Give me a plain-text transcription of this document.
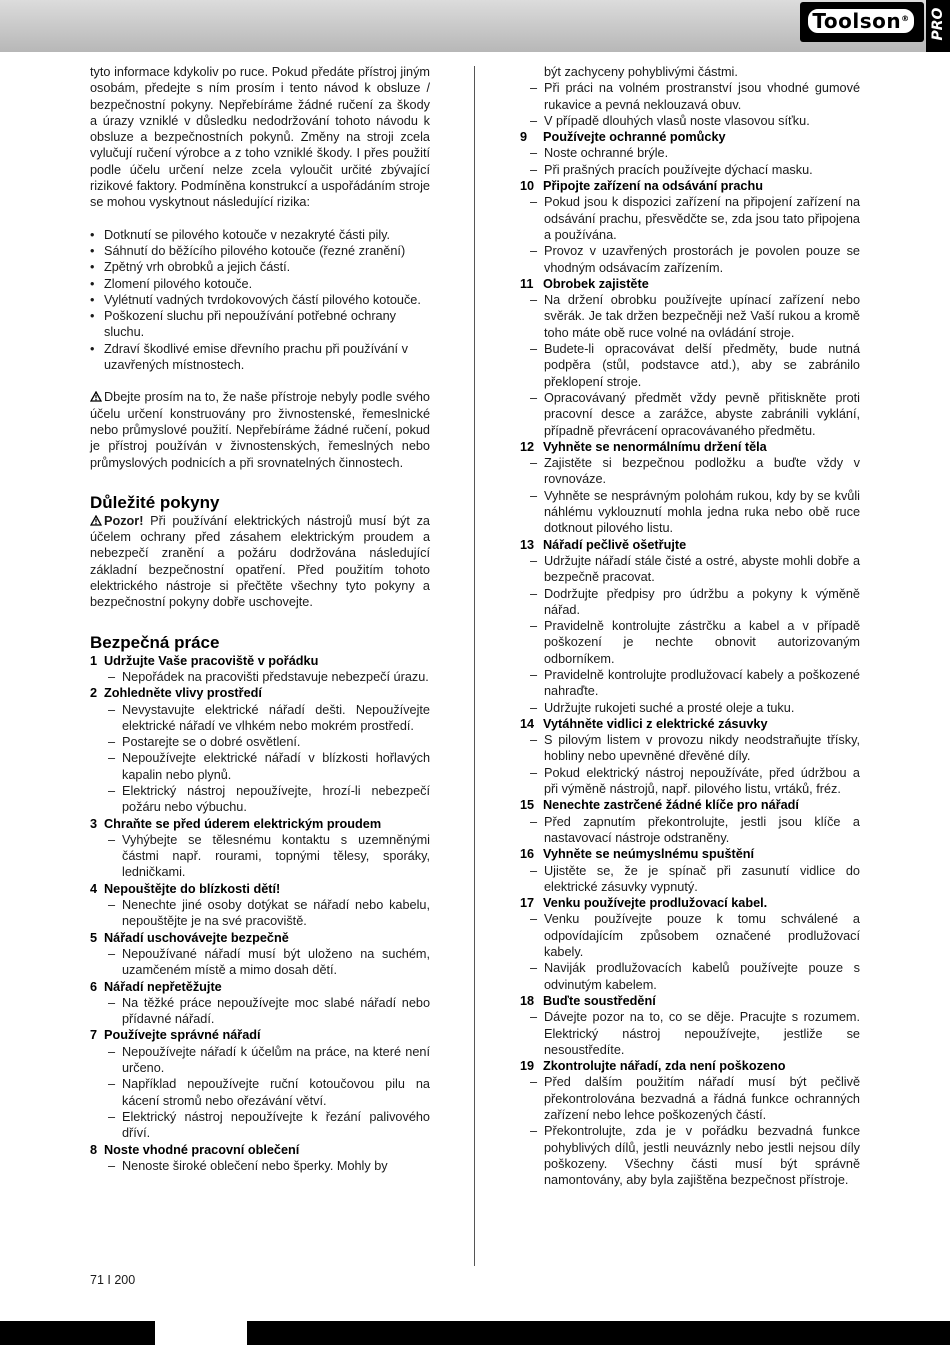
Toolson®	PRO

tyto informace kdykoliv po ruce. Pokud předáte přístroj jiným osobám, předejte s ním prosím i tento návod k obsluze / bezpečnostní pokyny. Nepřebíráme žádné ručení za škody a úrazy vzniklé v důsledku nedodržování tohoto návodu k obsluze a bezpečnostních pokynů. Změny na stroji zcela vylučují ručení výrobce a z toho vzniklé škody. I přes použití podle účelu určení nelze zcela vyloučit určité zbývající rizikové faktory. Podmíněna konstrukcí a uspořádáním stroje se mohou vyskytnout následující rizika:

• Dotknutí se pilového kotouče v nezakryté části pily.
• Sáhnutí do běžícího pilového kotouče (řezné zranění)
• Zpětný vrh obrobků a jejich částí.
• Zlomení pilového kotouče.
• Vylétnutí vadných tvrdokovových částí pilového kotouče.
• Poškození sluchu při nepoužívání potřebné ochrany sluchu.
• Zdraví škodlivé emise dřevního prachu při používání v uzavřených místnostech.

Dbejte prosím na to, že naše přístroje nebyly podle svého účelu určení konstruovány pro živnostenské, řemeslnické nebo průmyslové použití. Nepřebíráme žádné ručení, pokud je přístroj používán v živnostenských, řemeslných nebo průmyslových podnicích a při srovnatelných činnostech.

Důležité pokyny

Pozor! Při používání elektrických nástrojů musí být za účelem ochrany před zásahem elektrickým proudem a nebezpečí zranění a požáru dodržována následující základní bezpečnostní opatření. Před použitím tohoto elektrického nástroje si přečtěte všechny tyto pokyny a bezpečnostní pokyny dobře uschovejte.

Bezpečná práce
1 Udržujte Vaše pracoviště v pořádku
– Nepořádek na pracovišti představuje nebezpečí úrazu.
2 Zohledněte vlivy prostředí
– Nevystavujte elektrické nářadí dešti. Nepoužívejte elektrické nářadí ve vlhkém nebo mokrém prostředí.
– Postarejte se o dobré osvětlení.
– Nepoužívejte elektrické nářadí v blízkosti hořlavých kapalin nebo plynů.
– Elektrický nástroj nepoužívejte, hrozí-li nebezpečí požáru nebo výbuchu.
3 Chraňte se před úderem elektrickým proudem
– Vyhýbejte se tělesnému kontaktu s uzemněnými částmi např. rourami, topnými tělesy, sporáky, ledničkami.
4 Nepouštějte do blízkosti dětí!
– Nenechte jiné osoby dotýkat se nářadí nebo kabelu, nepouštějte je na své pracoviště.
5 Nářadí uschovávejte bezpečně
– Nepoužívané nářadí musí být uloženo na suchém, uzamčeném místě a mimo dosah dětí.
6 Nářadí nepřetěžujte
– Na těžké práce nepoužívejte moc slabé nářadí nebo přídavné nářadí.
7 Používejte správné nářadí
– Nepoužívejte nářadí k účelům na práce, na které není určeno.
– Například nepoužívejte ruční kotoučovou pilu na kácení stromů nebo ořezávání větví.
– Elektrický nástroj nepoužívejte k řezání palivového dříví.
8 Noste vhodné pracovní oblečení
– Nenoste široké oblečení nebo šperky. Mohly by
být zachyceny pohyblivými částmi.
– Při práci na volném prostranství jsou vhodné gumové rukavice a pevná neklouzavá obuv.
– V případě dlouhých vlasů noste vlasovou síťku.
9	Používejte ochranné pomůcky
– Noste ochranné brýle.
– Při prašných pracích používejte dýchací masku.
10 Připojte zařízení na odsávání prachu
– Pokud jsou k dispozici zařízení na připojení zařízení na odsávání prachu, přesvědčte se, zda jsou tato připojena a používána.
– Provoz v uzavřených prostorách je povolen pouze se vhodným odsávacím zařízením.
11 Obrobek zajistěte
– Na držení obrobku používejte upínací zařízení nebo svěrák. Je tak držen bezpečněji než Vaší rukou a kromě toho máte obě ruce volné na ovládání stroje.
– Budete-li opracovávat delší předměty, bude nutná podpěra (stůl, podstavce atd.), aby se zabránilo překlopení stroje.
– Opracovávaný předmět vždy pevně přitiskněte proti pracovní desce a zarážce, abyste zabránili vyklání, případně převrácení opracovávaného předmětu.
12 Vyhněte se nenormálnímu držení těla
– Zajistěte si bezpečnou podložku a buďte vždy v rovnováze.
– Vyhněte se nesprávným polohám rukou, kdy by se kvůli náhlému vyklouznutí mohla jedna ruka nebo obě ruce dotknout pilového listu.
13 Nářadí pečlivě ošetřujte
– Udržujte nářadí stále čisté a ostré, abyste mohli dobře a bezpečně pracovat.
– Dodržujte předpisy pro údržbu a pokyny k výměně nářad.
– Pravidelně kontrolujte zástrčku a kabel a v případě poškození je nechte obnovit autorizovaným odborníkem.
– Pravidelně kontrolujte prodlužovací kabely a poškozené nahraďte.
– Udržujte rukojeti suché a prosté oleje a tuku.
14 Vytáhněte vidlici z elektrické zásuvky
– S pilovým listem v provozu nikdy neodstraňujte třísky, hobliny nebo upevněné dřevěné díly.
– Pokud elektrický nástroj nepoužíváte, před údržbou a při výměně nástrojů, např. pilového listu, vrtáků, fréz.
15 Nenechte zastrčené žádné klíče pro nářadí
– Před zapnutím překontrolujte, jestli jsou klíče a nastavovací nástroje odstraněny.
16 Vyhněte se neúmyslnému spuštění
– Ujistěte se, že je spínač při zasunutí vidlice do elektrické zásuvky vypnutý.
17 Venku používejte prodlužovací kabel.
– Venku používejte pouze k tomu schválené a odpovídajícím způsobem označené prodlužovací kabely.
– Naviják prodlužovacích kabelů používejte pouze s odvinutým kabelem.
18 Buďte soustředění
– Dávejte pozor na to, co se děje. Pracujte s rozumem. Elektrický nástroj nepoužívejte, jestliže se nesoustředíte.
19 Zkontrolujte nářadí, zda není poškozeno
– Před dalším použitím nářadí musí být pečlivě překontrolována bezvadná a řádná funkce ochranných zařízení nebo lehce poškozených částí.
– Překontrolujte, zda je v pořádku bezvadná funkce pohyblivých dílů, jestli neuváznly nebo jestli nejsou díly poškozeny. Všechny části musí být správně namontovány, aby byla zajištěna bezpečnost přístroje.
71 I 200
